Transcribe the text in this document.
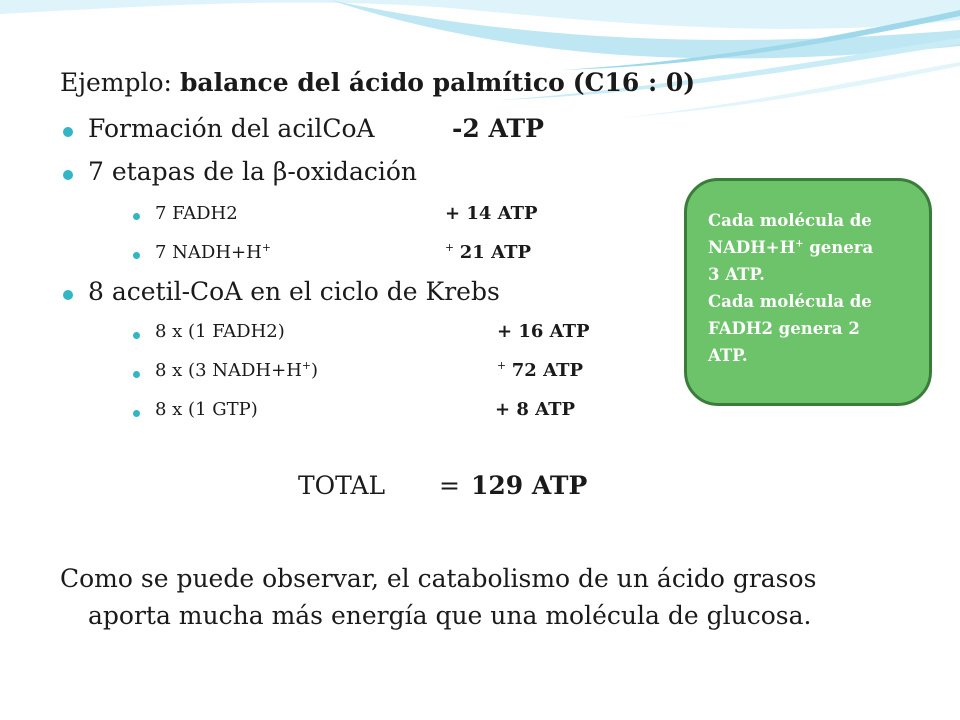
Ejemplo: balance del ácido palmítico (C16 : 0)
Formación del acilCoA	-2 ATP
7 etapas de la β-oxidación
7 FADH2	+ 14 ATP
7 NADH+H+	+ 21 ATP
8 acetil-CoA en el ciclo de Krebs
8 x (1 FADH2)	+ 16 ATP
8 x (3 NADH+H+)	+ 72 ATP
8 x (1 GTP)	+ 8 ATP
TOTAL = 129 ATP
Como se puede observar, el catabolismo de un ácido grasos
aporta mucha más energía que una molécula de glucosa.
Cada molécula de
NADH+H+ genera
3 ATP.
Cada molécula de
FADH2 genera 2
ATP.
